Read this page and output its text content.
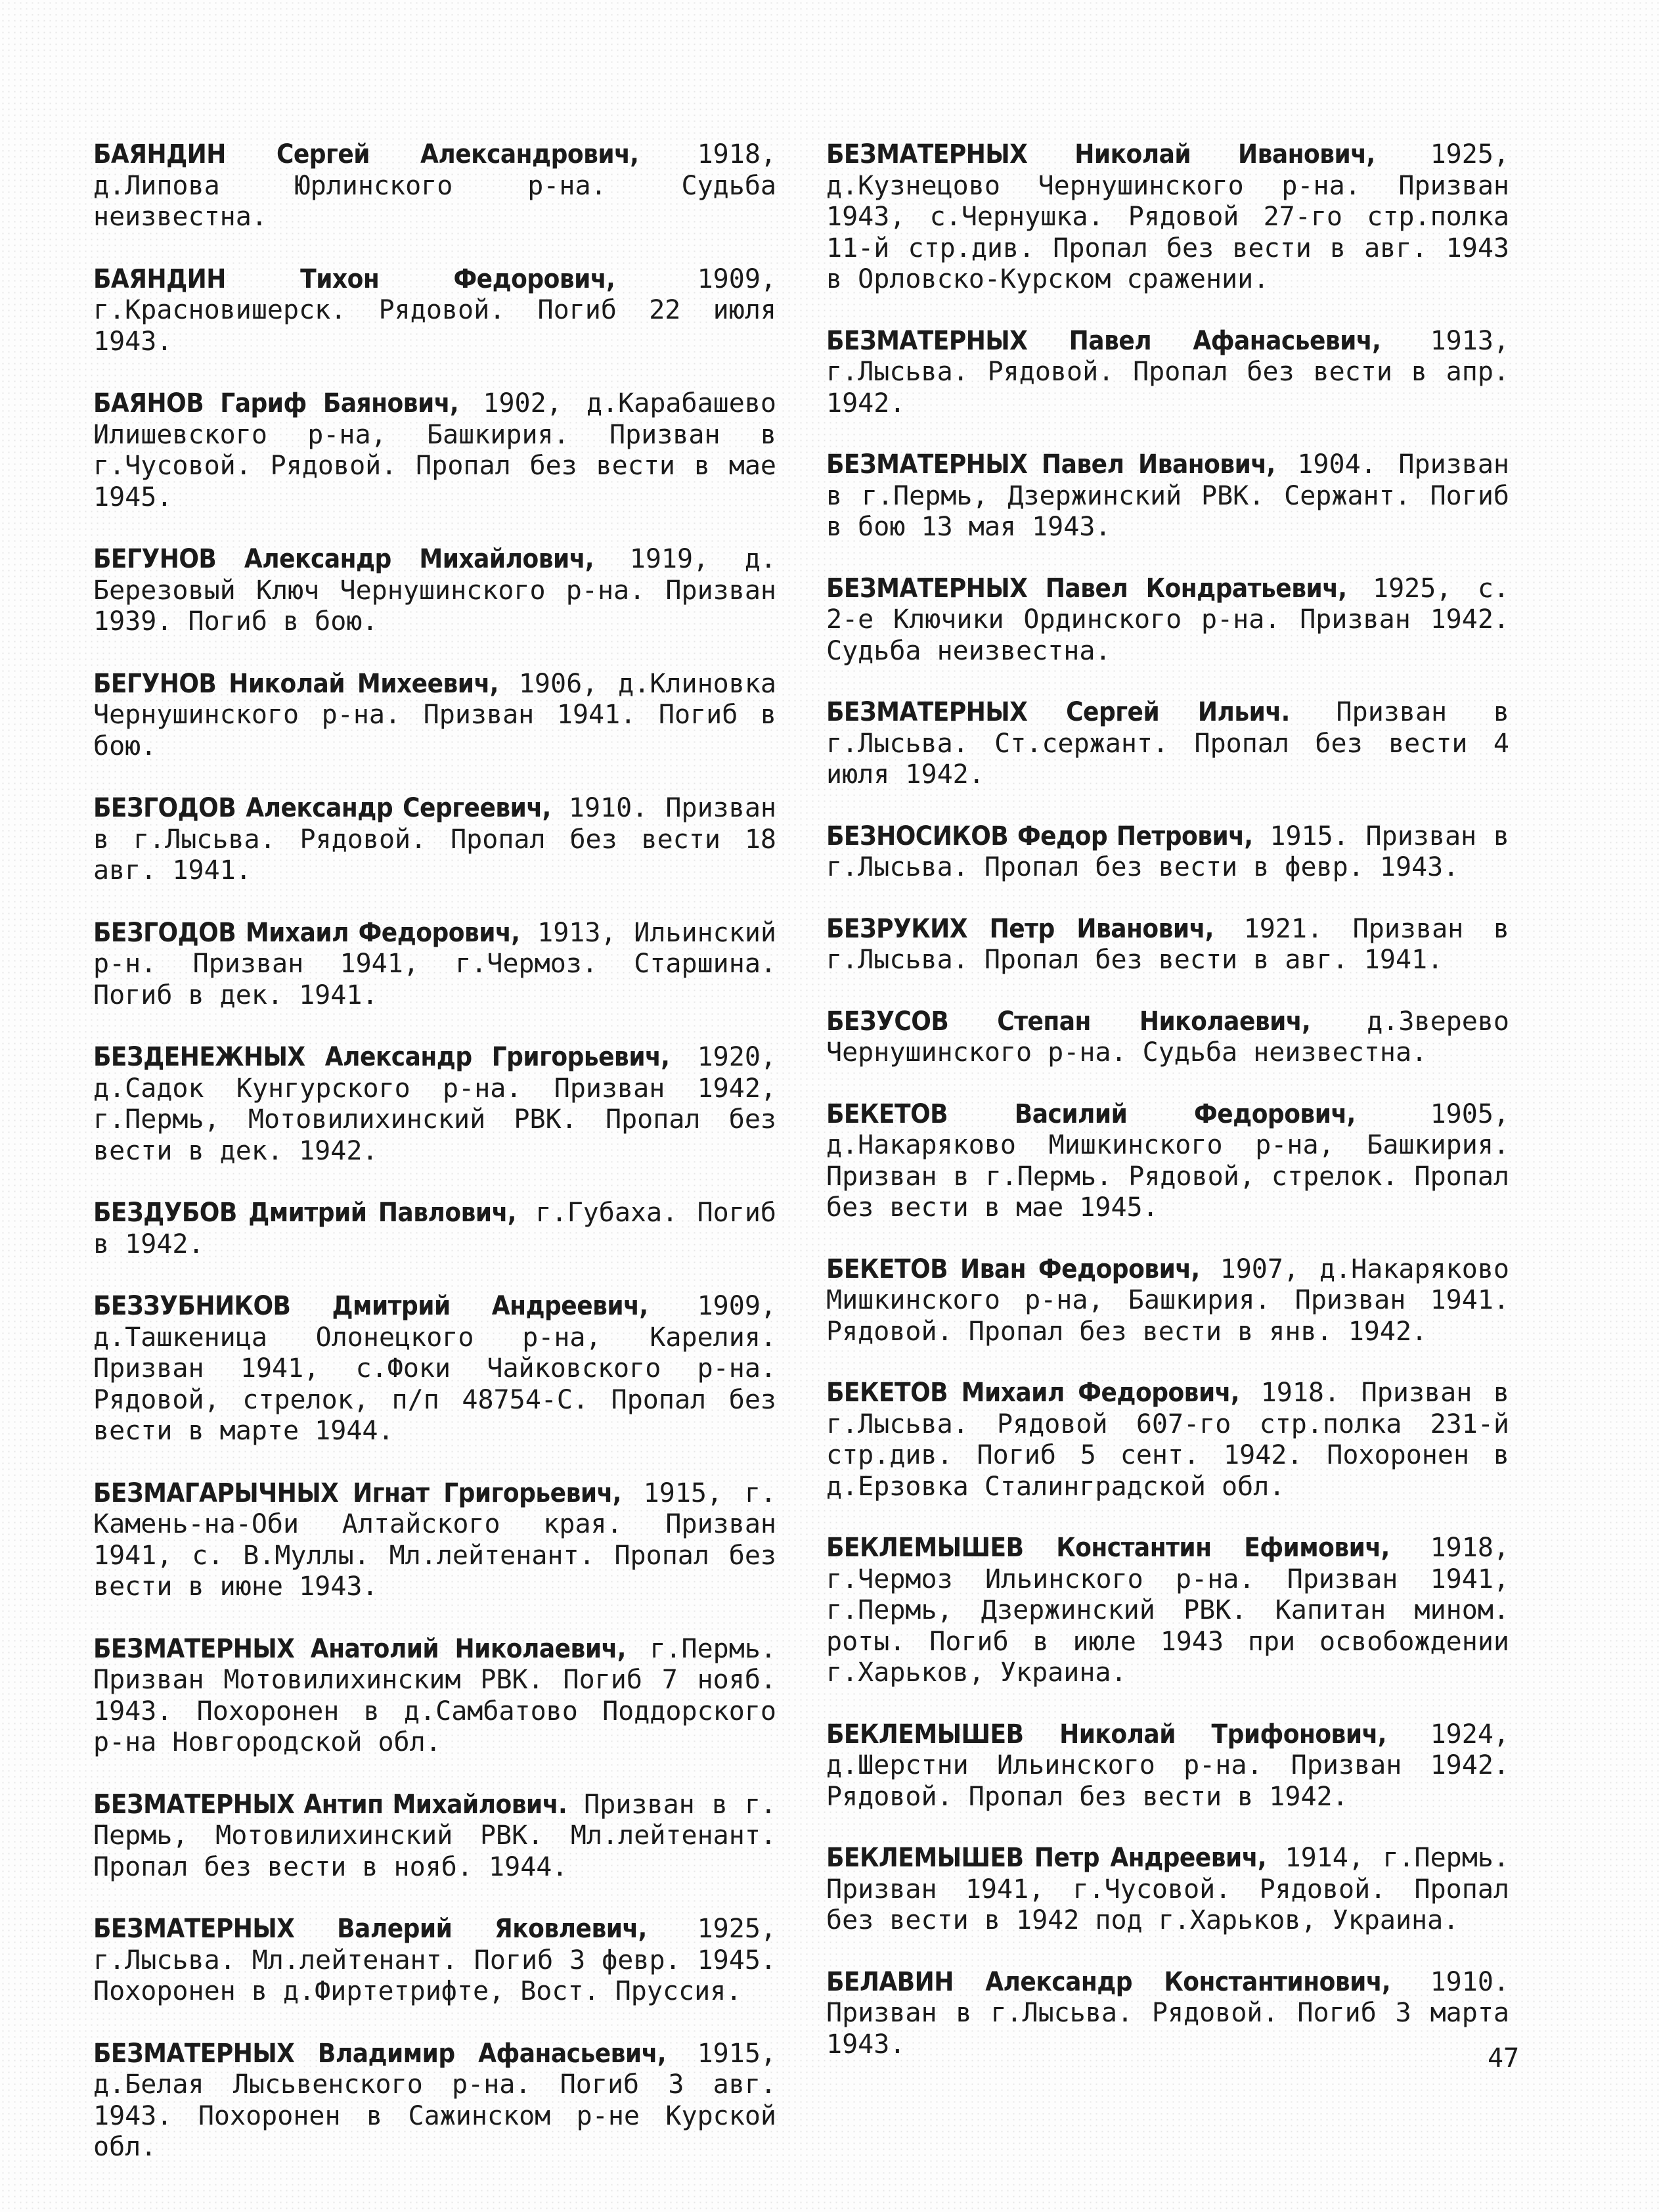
БАЯНДИН Сергей Александрович, 1918, д.Липова Юрлинского р-на. Судьба неизвестна.

БАЯНДИН Тихон Федорович, 1909, г.Красновишерск. Рядовой. Погиб 22 июля 1943.

БАЯНОВ Гариф Баянович, 1902, д.Карабашево Илишевского р-на, Башкирия. Призван в г.Чусовой. Рядовой. Пропал без вести в мае 1945.

БЕГУНОВ Александр Михайлович, 1919, д. Березовый Ключ Чернушинского р-на. Призван 1939. Погиб в бою.

БЕГУНОВ Николай Михеевич, 1906, д.Клиновка Чернушинского р-на. Призван 1941. Погиб в бою.

БЕЗГОДОВ Александр Сергеевич, 1910. Призван в г.Лысьва. Рядовой. Пропал без вести 18 авг. 1941.

БЕЗГОДОВ Михаил Федорович, 1913, Ильинский р-н. Призван 1941, г.Чермоз. Старшина. Погиб в дек. 1941.

БЕЗДЕНЕЖНЫХ Александр Григорьевич, 1920, д.Садок Кунгурского р-на. Призван 1942, г.Пермь, Мотовилихинский РВК. Пропал без вести в дек. 1942.

БЕЗДУБОВ Дмитрий Павлович, г.Губаха. Погиб в 1942.

БЕЗЗУБНИКОВ Дмитрий Андреевич, 1909, д.Ташкеница Олонецкого р-на, Карелия. Призван 1941, с.Фоки Чайковского р-на. Рядовой, стрелок, п/п 48754-С. Пропал без вести в марте 1944.

БЕЗМАГАРЫЧНЫХ Игнат Григорьевич, 1915, г. Камень-на-Оби Алтайского края. Призван 1941, с. В.Муллы. Мл.лейтенант. Пропал без вести в июне 1943.

БЕЗМАТЕРНЫХ Анатолий Николаевич, г.Пермь. Призван Мотовилихинским РВК. Погиб 7 нояб. 1943. Похоронен в д.Самбатово Поддорского р-на Новгородской обл.

БЕЗМАТЕРНЫХ Антип Михайлович. Призван в г. Пермь, Мотовилихинский РВК. Мл.лейтенант. Пропал без вести в нояб. 1944.

БЕЗМАТЕРНЫХ Валерий Яковлевич, 1925, г.Лысьва. Мл.лейтенант. Погиб 3 февр. 1945. Похоронен в д.Фиртетрифте, Вост. Пруссия.

БЕЗМАТЕРНЫХ Владимир Афанасьевич, 1915, д.Белая Лысьвенского р-на. Погиб 3 авг. 1943. Похоронен в Сажинском р-не Курской обл.

БЕЗМАТЕРНЫХ Николай Иванович, 1925, д.Кузнецово Чернушинского р-на. Призван 1943, с.Чернушка. Рядовой 27-го стр.полка 11-й стр.див. Пропал без вести в авг. 1943 в Орловско-Курском сражении.

БЕЗМАТЕРНЫХ Павел Афанасьевич, 1913, г.Лысьва. Рядовой. Пропал без вести в апр. 1942.

БЕЗМАТЕРНЫХ Павел Иванович, 1904. Призван в г.Пермь, Дзержинский РВК. Сержант. Погиб в бою 13 мая 1943.

БЕЗМАТЕРНЫХ Павел Кондратьевич, 1925, с. 2-е Ключики Ординского р-на. Призван 1942. Судьба неизвестна.

БЕЗМАТЕРНЫХ Сергей Ильич. Призван в г.Лысьва. Ст.сержант. Пропал без вести 4 июля 1942.

БЕЗНОСИКОВ Федор Петрович, 1915. Призван в г.Лысьва. Пропал без вести в февр. 1943.

БЕЗРУКИХ Петр Иванович, 1921. Призван в г.Лысьва. Пропал без вести в авг. 1941.

БЕЗУСОВ Степан Николаевич, д.Зверево Чернушинского р-на. Судьба неизвестна.

БЕКЕТОВ Василий Федорович, 1905, д.Накаряково Мишкинского р-на, Башкирия. Призван в г.Пермь. Рядовой, стрелок. Пропал без вести в мае 1945.

БЕКЕТОВ Иван Федорович, 1907, д.Накаряково Мишкинского р-на, Башкирия. Призван 1941. Рядовой. Пропал без вести в янв. 1942.

БЕКЕТОВ Михаил Федорович, 1918. Призван в г.Лысьва. Рядовой 607-го стр.полка 231-й стр.див. Погиб 5 сент. 1942. Похоронен в д.Ерзовка Сталинградской обл.

БЕКЛЕМЫШЕВ Константин Ефимович, 1918, г.Чермоз Ильинского р-на. Призван 1941, г.Пермь, Дзержинский РВК. Капитан мином. роты. Погиб в июле 1943 при освобождении г.Харьков, Украина.

БЕКЛЕМЫШЕВ Николай Трифонович, 1924, д.Шерстни Ильинского р-на. Призван 1942. Рядовой. Пропал без вести в 1942.

БЕКЛЕМЫШЕВ Петр Андреевич, 1914, г.Пермь. Призван 1941, г.Чусовой. Рядовой. Пропал без вести в 1942 под г.Харьков, Украина.

БЕЛАВИН Александр Константинович, 1910. Призван в г.Лысьва. Рядовой. Погиб 3 марта 1943.	47
